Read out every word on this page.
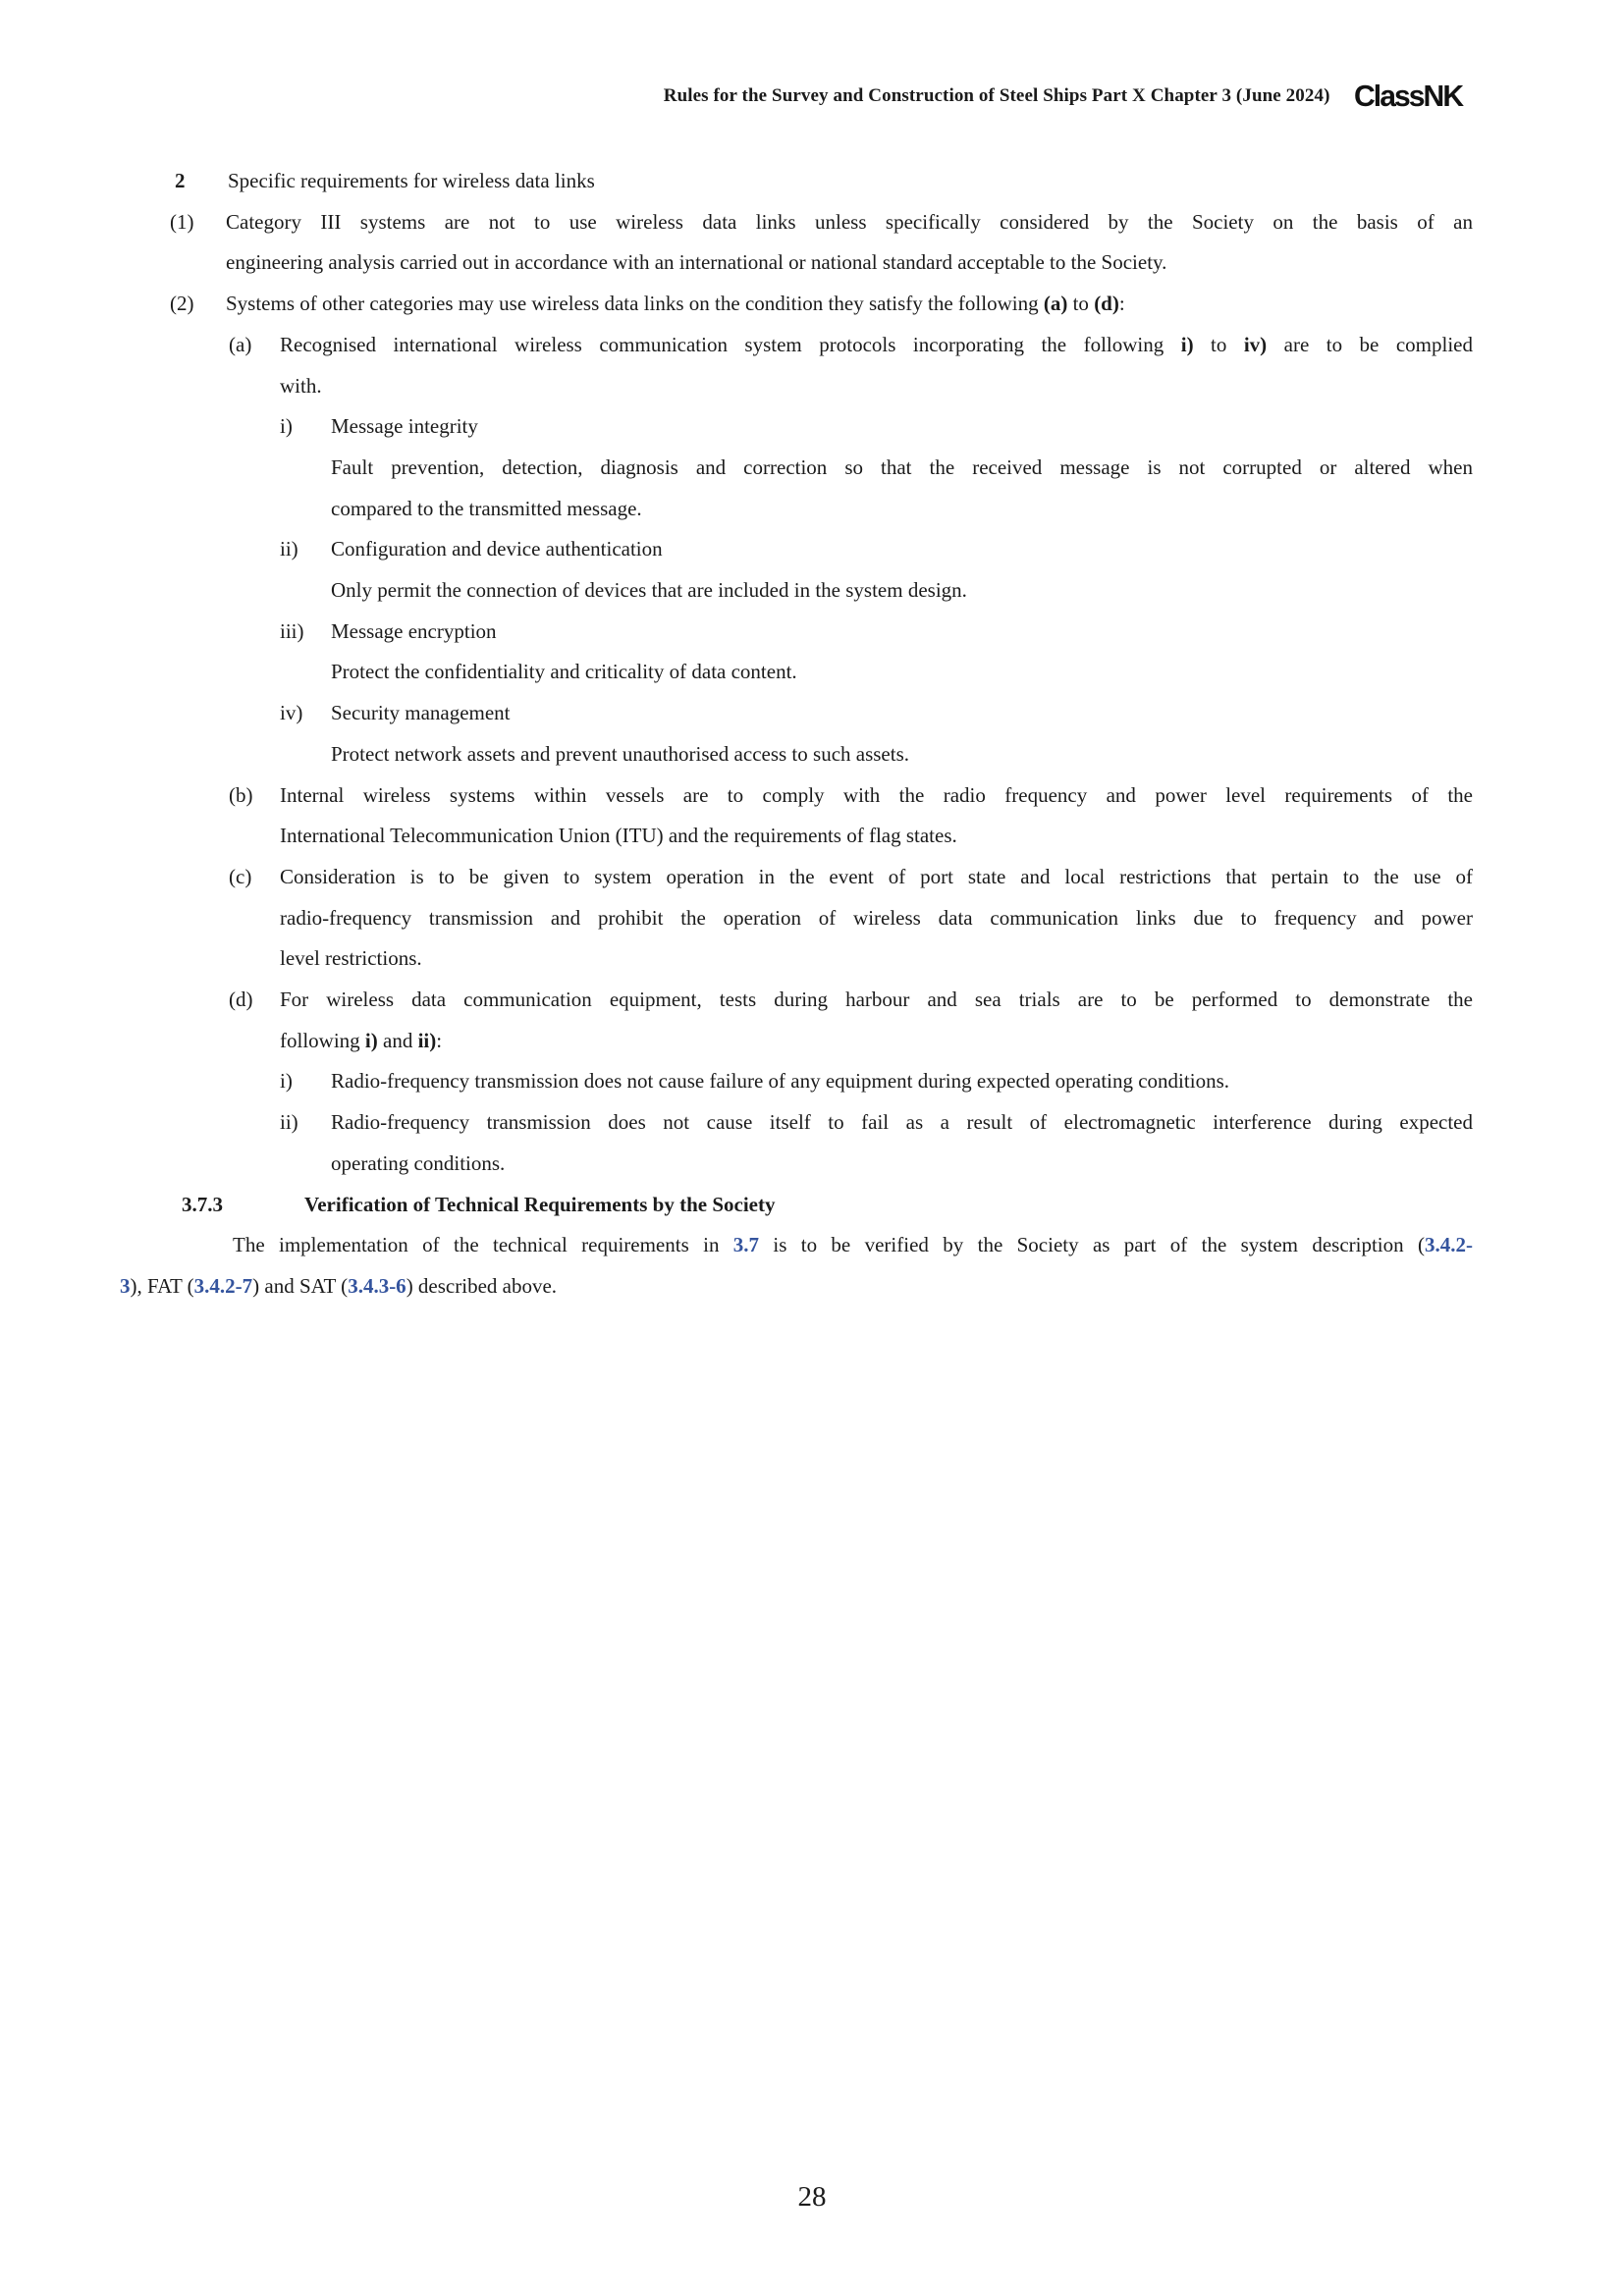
Rules for the Survey and Construction of Steel Ships Part X Chapter 3 (June 2024) ClassNK
2	Specific requirements for wireless data links
(1)	Category III systems are not to use wireless data links unless specifically considered by the Society on the basis of an
engineering analysis carried out in accordance with an international or national standard acceptable to the Society.
(2)	Systems of other categories may use wireless data links on the condition they satisfy the following (a) to (d):
(a)	Recognised international wireless communication system protocols incorporating the following i) to iv) are to be complied
with.
i)	Message integrity
Fault prevention, detection, diagnosis and correction so that the received message is not corrupted or altered when
compared to the transmitted message.
ii)	Configuration and device authentication
Only permit the connection of devices that are included in the system design.
iii)	Message encryption
Protect the confidentiality and criticality of data content.
iv)	Security management
Protect network assets and prevent unauthorised access to such assets.
(b)	Internal wireless systems within vessels are to comply with the radio frequency and power level requirements of the
International Telecommunication Union (ITU) and the requirements of flag states.
(c)	Consideration is to be given to system operation in the event of port state and local restrictions that pertain to the use of
radio-frequency transmission and prohibit the operation of wireless data communication links due to frequency and power
level restrictions.
(d)	For wireless data communication equipment, tests during harbour and sea trials are to be performed to demonstrate the
following i) and ii):
i)	Radio-frequency transmission does not cause failure of any equipment during expected operating conditions.
ii)	Radio-frequency transmission does not cause itself to fail as a result of electromagnetic interference during expected
operating conditions.
3.7.3	Verification of Technical Requirements by the Society
The implementation of the technical requirements in 3.7 is to be verified by the Society as part of the system description (3.4.2-
3), FAT (3.4.2-7) and SAT (3.4.3-6) described above.
28
